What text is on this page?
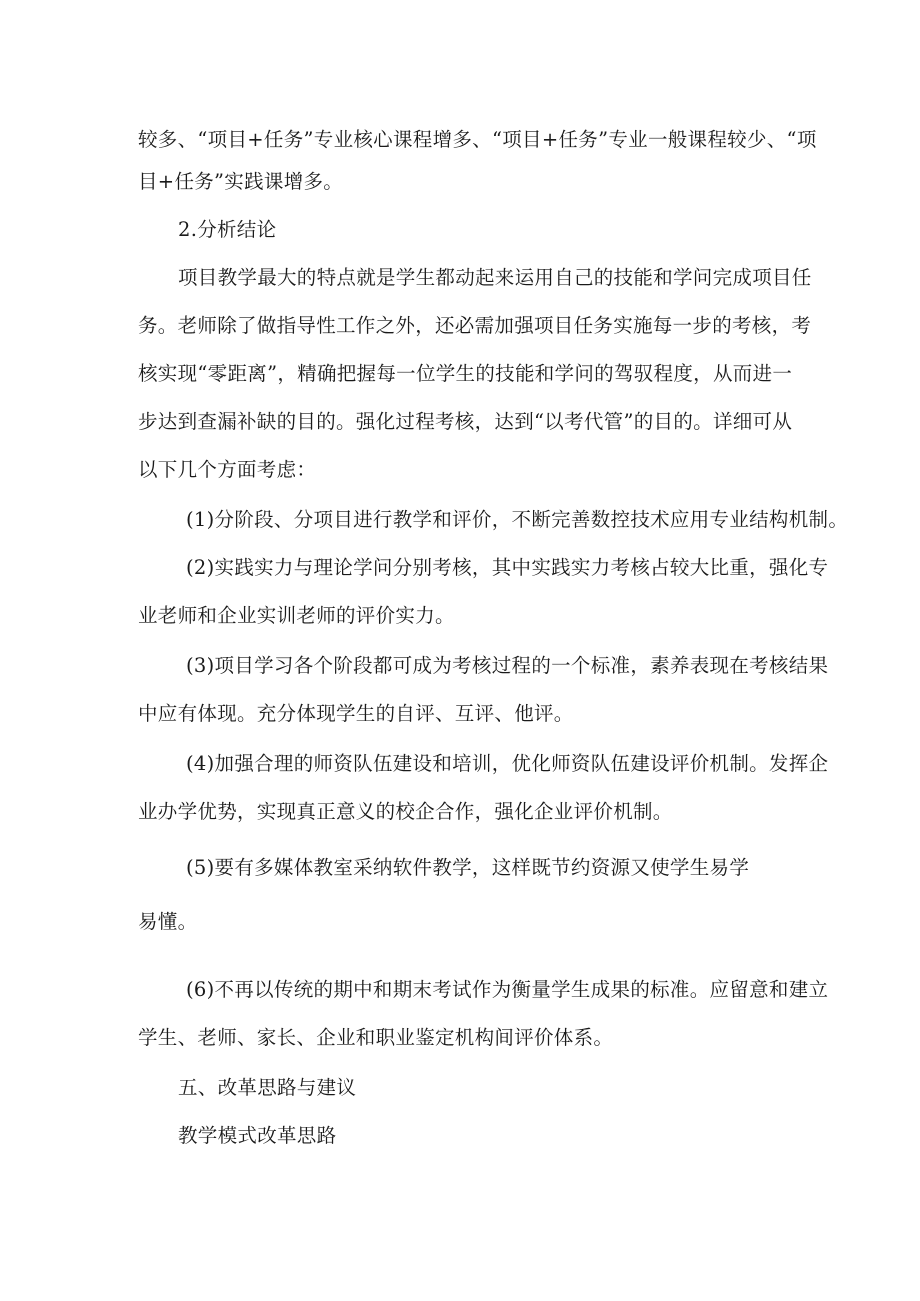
较多、“项目+任务”专业核心课程增多、“项目+任务”专业一般课程较少、“项

目+任务”实践课增多。

2.分析结论

项目教学最大的特点就是学生都动起来运用自己的技能和学问完成项目任

务。老师除了做指导性工作之外，还必需加强项目任务实施每一步的考核，考

核实现“零距离”，精确把握每一位学生的技能和学问的驾驭程度，从而进一

步达到查漏补缺的目的。强化过程考核，达到“以考代管”的目的。详细可从

以下几个方面考虑：

(1)分阶段、分项目进行教学和评价，不断完善数控技术应用专业结构机制。

(2)实践实力与理论学问分别考核，其中实践实力考核占较大比重，强化专

业老师和企业实训老师的评价实力。

(3)项目学习各个阶段都可成为考核过程的一个标准，素养表现在考核结果

中应有体现。充分体现学生的自评、互评、他评。

(4)加强合理的师资队伍建设和培训，优化师资队伍建设评价机制。发挥企

业办学优势，实现真正意义的校企合作，强化企业评价机制。

(5)要有多媒体教室采纳软件教学，这样既节约资源又使学生易学

易懂。

(6)不再以传统的期中和期末考试作为衡量学生成果的标准。应留意和建立

学生、老师、家长、企业和职业鉴定机构间评价体系。

五、改革思路与建议

教学模式改革思路
